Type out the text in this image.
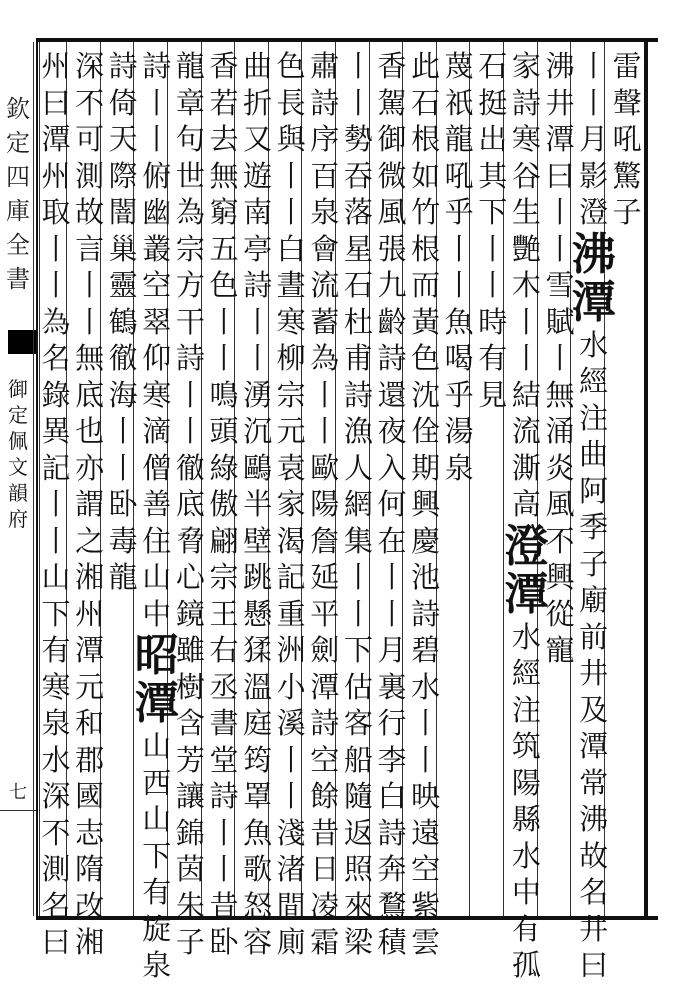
欽
定
四
庫
全
書
御
定
佩
文
韻
府
七
雷
聲
吼
驚
子
丨
丨
月
影
澄
沸
潭
水
經
注
曲
阿
季
子
廟
前
井
及
潭
常
沸
故
名
井
曰
沸
井
潭
曰
丨
丨
雪
賦
丨
無
涌
炎
風
不
興
從
寵
家
詩
寒
谷
生
艷
木
丨
丨
結
流
澌
高
澄
潭
水
經
注
筑
陽
縣
水
中
有
孤
石
挺
出
其
下
丨
丨
時
有
見
蔑
祇
龍
吼
乎
丨
丨
魚
喝
乎
湯
泉
此
石
根
如
竹
根
而
黃
色
沈
佺
期
興
慶
池
詩
碧
水
丨
丨
映
遠
空
紫
雲
香
駕
御
微
風
張
九
齡
詩
還
夜
入
何
在
丨
丨
月
裏
行
李
白
詩
奔
鶩
積
丨
丨
勢
吞
落
星
石
杜
甫
詩
漁
人
網
集
丨
丨
下
估
客
船
隨
返
照
來
梁
肅
詩
序
百
泉
會
流
蓄
為
丨
丨
歐
陽
詹
延
平
劍
潭
詩
空
餘
昔
日
凌
霜
色
長
與
丨
丨
白
晝
寒
柳
宗
元
袁
家
渴
記
重
洲
小
溪
丨
丨
淺
渚
間
廁
曲
折
又
遊
南
亭
詩
丨
丨
湧
沉
鷗
半
壁
跳
懸
猱
溫
庭
筠
罩
魚
歌
怒
容
香
若
去
無
窮
五
色
丨
丨
鳴
頭
綠
傲
翩
宗
王
右
丞
書
堂
詩
丨
丨
昔
卧
龍
章
句
世
為
宗
方
干
詩
丨
丨
徹
底
脅
心
鏡
雖
樹
含
芳
讓
錦
茵
朱
子
詩
丨
丨
俯
幽
叢
空
翠
仰
寒
滴
僧
善
住
山
中
昭
潭
山
西
山
下
有
旋
泉
詩
倚
天
際
闇
巢
靈
鶴
徹
海
丨
丨
卧
毒
龍
深
不
可
測
故
言
丨
丨
無
底
也
亦
謂
之
湘
州
潭
元
和
郡
國
志
隋
改
湘
州
曰
潭
州
取
丨
丨
為
名
錄
異
記
丨
丨
山
下
有
寒
泉
水
深
不
測
名
曰
